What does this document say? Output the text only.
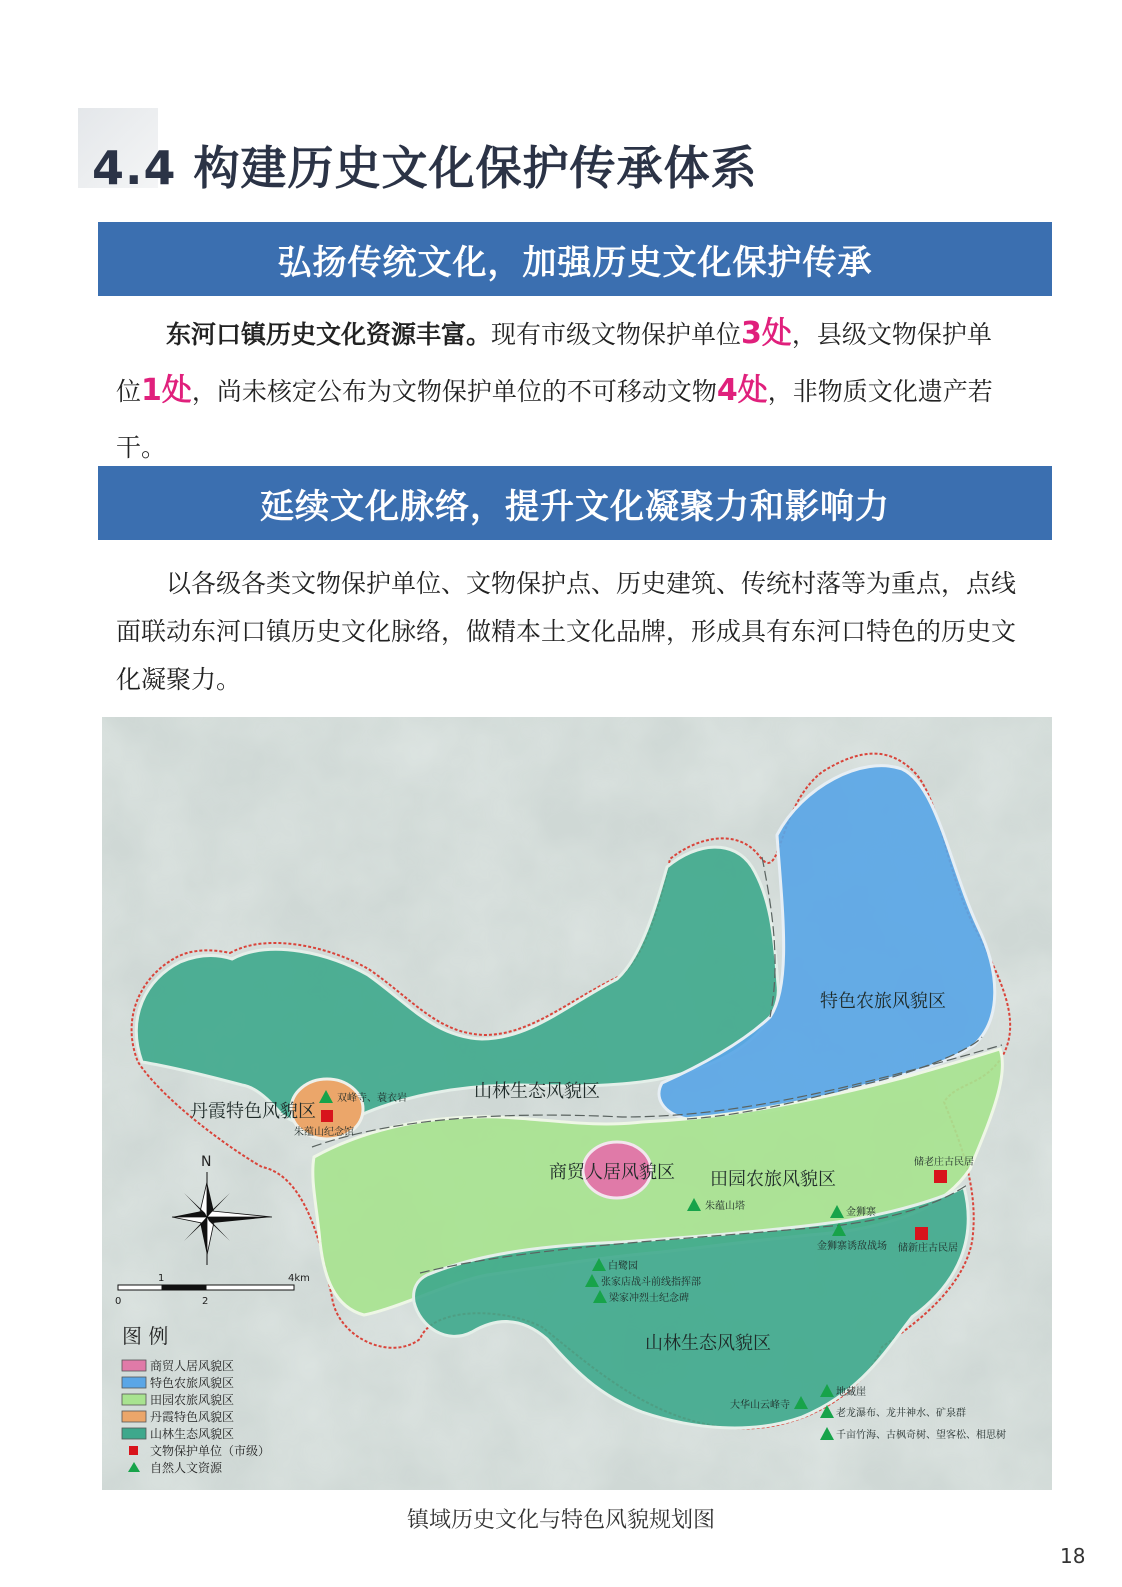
4.4 构建历史文化保护传承体系
弘扬传统文化，加强历史文化保护传承
东河口镇历史文化资源丰富。现有市级文物保护单位3处，县级文物保护单位1处，尚未核定公布为文物保护单位的不可移动文物4处，非物质文化遗产若干。
延续文化脉络，提升文化凝聚力和影响力
以各级各类文物保护单位、文物保护点、历史建筑、传统村落等为重点，点线面联动东河口镇历史文化脉络，做精本土文化品牌，形成具有东河口特色的历史文化凝聚力。
山林生态风貌区
特色农旅风貌区
丹霞特色风貌区
商贸人居风貌区 田园农旅风貌区
山林生态风貌区
朱蕴山纪念馆
储老庄古民居
储新庄古民居
双峰寺、蓑衣岩
朱蕴山塔
金狮寨
金狮寨诱敌战场
白鹭园
张家店战斗前线指挥部
梁家冲烈士纪念碑
大华山云峰寺
地藏崖
老龙瀑布、龙井神水、矿泉群
千亩竹海、古枫奇树、望客松、相思树
N
1	4km
0	2
图 例
商贸人居风貌区
特色农旅风貌区
田园农旅风貌区
丹霞特色风貌区
山林生态风貌区
文物保护单位（市级）
自然人文资源
镇域历史文化与特色风貌规划图
18
